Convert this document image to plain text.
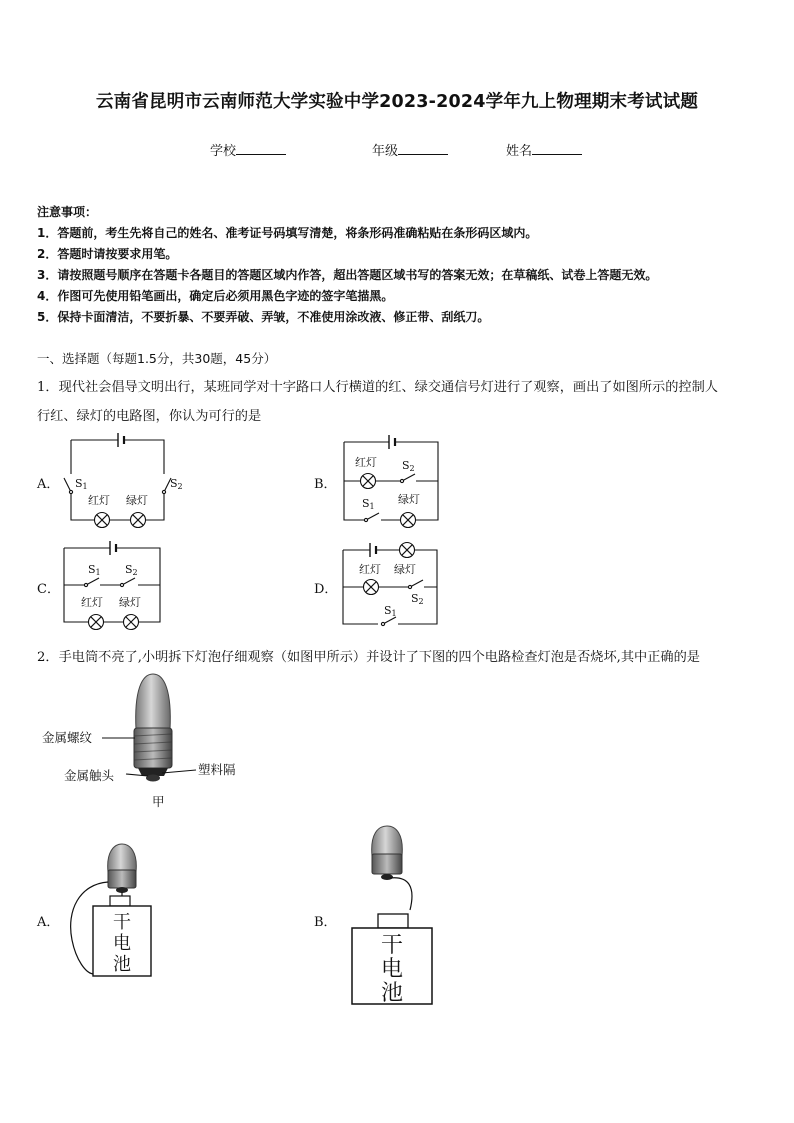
云南省昆明市云南师范大学实验中学2023-2024学年九上物理期末考试试题
学校	年级	姓名
注意事项：
1．答题前，考生先将自己的姓名、准考证号码填写清楚，将条形码准确粘贴在条形码区域内。
2．答题时请按要求用笔。
3．请按照题号顺序在答题卡各题目的答题区域内作答，超出答题区域书写的答案无效；在草稿纸、试卷上答题无效。
4．作图可先使用铅笔画出，确定后必须用黑色字迹的签字笔描黑。
5．保持卡面清洁，不要折暴、不要弄破、弄皱，不准使用涂改液、修正带、刮纸刀。
一、选择题（每题1.5分，共30题，45分）
1．现代社会倡导文明出行，某班同学对十字路口人行横道的红、绿交通信号灯进行了观察，画出了如图所示的控制人
行红、绿灯的电路图，你认为可行的是
A．	B．
C．	D．
S1	S2
红灯 绿灯
红灯 S2
S1
绿灯
S1 S2
红灯 绿灯
红灯 绿灯
S2
S1
2．手电筒不亮了,小明拆下灯泡仔细观察（如图甲所示）并设计了下图的四个电路检查灯泡是否烧坏,其中正确的是
金属螺纹
金属触头	塑料隔
甲
A．	B．
干
电
池
干
电
池
